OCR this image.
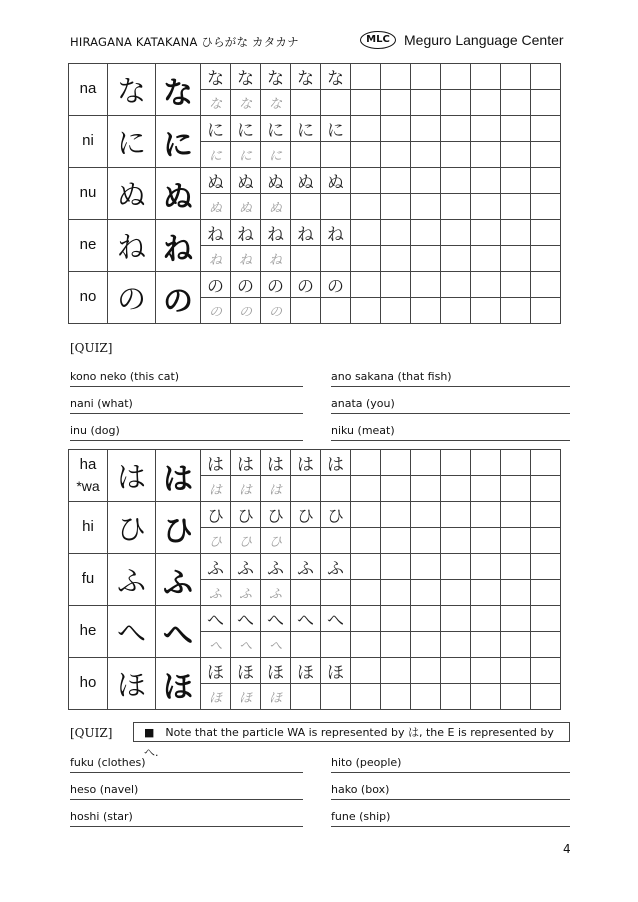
HIRAGANA KATAKANA ひらがな カタカナ	MLC	Meguro Language Center
na	な	な	な	な	な	な	な							
			な	な	な									

ni	に	に	に	に	に	に	に							
			に	に	に									

nu	ぬ	ぬ	ぬ	ぬ	ぬ	ぬ	ぬ							
			ぬ	ぬ	ぬ									

ne	ね	ね	ね	ね	ね	ね	ね							
			ね	ね	ね									

no	の	の	の	の	の	の	の							
			の	の	の									
[QUIZ]
kono neko (this cat)	ano sakana (that fish)
nani (what)	anata (you)
inu (dog)	niku (meat)
ha
*wa	は	は	は	は	は	は	は							
			は	は	は									

hi	ひ	ひ	ひ	ひ	ひ	ひ	ひ							
			ひ	ひ	ひ									

fu	ふ	ふ	ふ	ふ	ふ	ふ	ふ							
			ふ	ふ	ふ									

he	へ	へ	へ	へ	へ	へ	へ							
			へ	へ	へ									

ho	ほ	ほ	ほ	ほ	ほ	ほ	ほ							
			ほ	ほ	ほ									
[QUIZ]	■　Note that the particle WA is represented by は, the E is represented by へ.
fuku (clothes)	hito (people)
heso (navel)	hako (box)
hoshi (star)	fune (ship)
4
